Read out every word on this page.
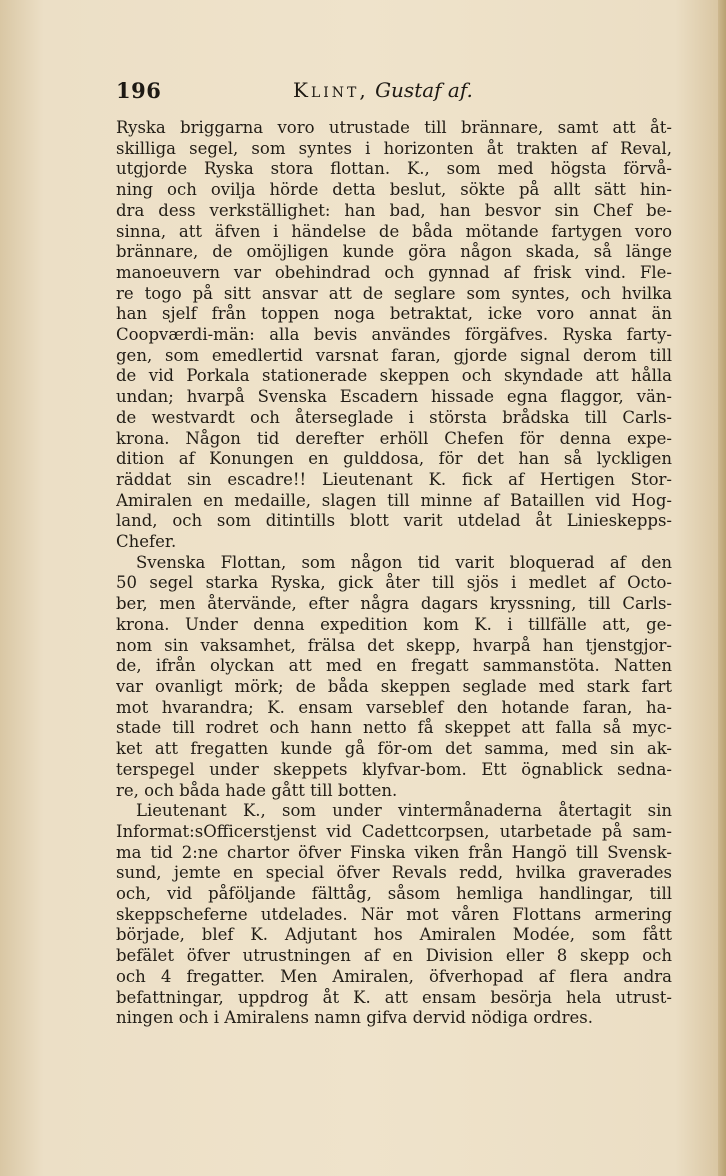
196	Klint, Gustaf af.
Ryska briggarna voro utrustade till brännare, samt att åt-
skilliga segel, som syntes i horizonten åt trakten af Reval,
utgjorde Ryska stora flottan. K., som med högsta förvå-
ning och ovilja hörde detta beslut, sökte på allt sätt hin-
dra dess verkställighet: han bad, han besvor sin Chef be-
sinna, att äfven i händelse de båda mötande fartygen voro
brännare, de omöjligen kunde göra någon skada, så länge
manoeuvern var obehindrad och gynnad af frisk vind. Fle-
re togo på sitt ansvar att de seglare som syntes, och hvilka
han sjelf från toppen noga betraktat, icke voro annat än
Coopværdi-män: alla bevis användes förgäfves. Ryska farty-
gen, som emedlertid varsnat faran, gjorde signal derom till
de vid Porkala stationerade skeppen och skyndade att hålla
undan; hvarpå Svenska Escadern hissade egna flaggor, vän-
de westvardt och återseglade i största brådska till Carls-
krona. Någon tid derefter erhöll Chefen för denna expe-
dition af Konungen en gulddosa, för det han så lyckligen
räddat sin escadre!! Lieutenant K. fick af Hertigen Stor-
Amiralen en medaille, slagen till minne af Bataillen vid Hog-
land, och som ditintills blott varit utdelad åt Linieskepps-
Chefer.
Svenska Flottan, som någon tid varit bloquerad af den
50 segel starka Ryska, gick åter till sjös i medlet af Octo-
ber, men återvände, efter några dagars kryssning, till Carls-
krona. Under denna expedition kom K. i tillfälle att, ge-
nom sin vaksamhet, frälsa det skepp, hvarpå han tjenstgjor-
de, ifrån olyckan att med en fregatt sammanstöta. Natten
var ovanligt mörk; de båda skeppen seglade med stark fart
mot hvarandra; K. ensam varseblef den hotande faran, ha-
stade till rodret och hann netto få skeppet att falla så myc-
ket att fregatten kunde gå för-om det samma, med sin ak-
terspegel under skeppets klyfvar-bom. Ett ögnablick sedna-
re, och båda hade gått till botten.
Lieutenant K., som under vintermånaderna återtagit sin
Informat:sOfficerstjenst vid Cadettcorpsen, utarbetade på sam-
ma tid 2:ne chartor öfver Finska viken från Hangö till Svensk-
sund, jemte en special öfver Revals redd, hvilka graverades
och, vid påföljande fälttåg, såsom hemliga handlingar, till
skeppscheferne utdelades. När mot våren Flottans armering
började, blef K. Adjutant hos Amiralen Modée, som fått
befälet öfver utrustningen af en Division eller 8 skepp och
och 4 fregatter. Men Amiralen, öfverhopad af flera andra
befattningar, uppdrog åt K. att ensam besörja hela utrust-
ningen och i Amiralens namn gifva dervid nödiga ordres.
